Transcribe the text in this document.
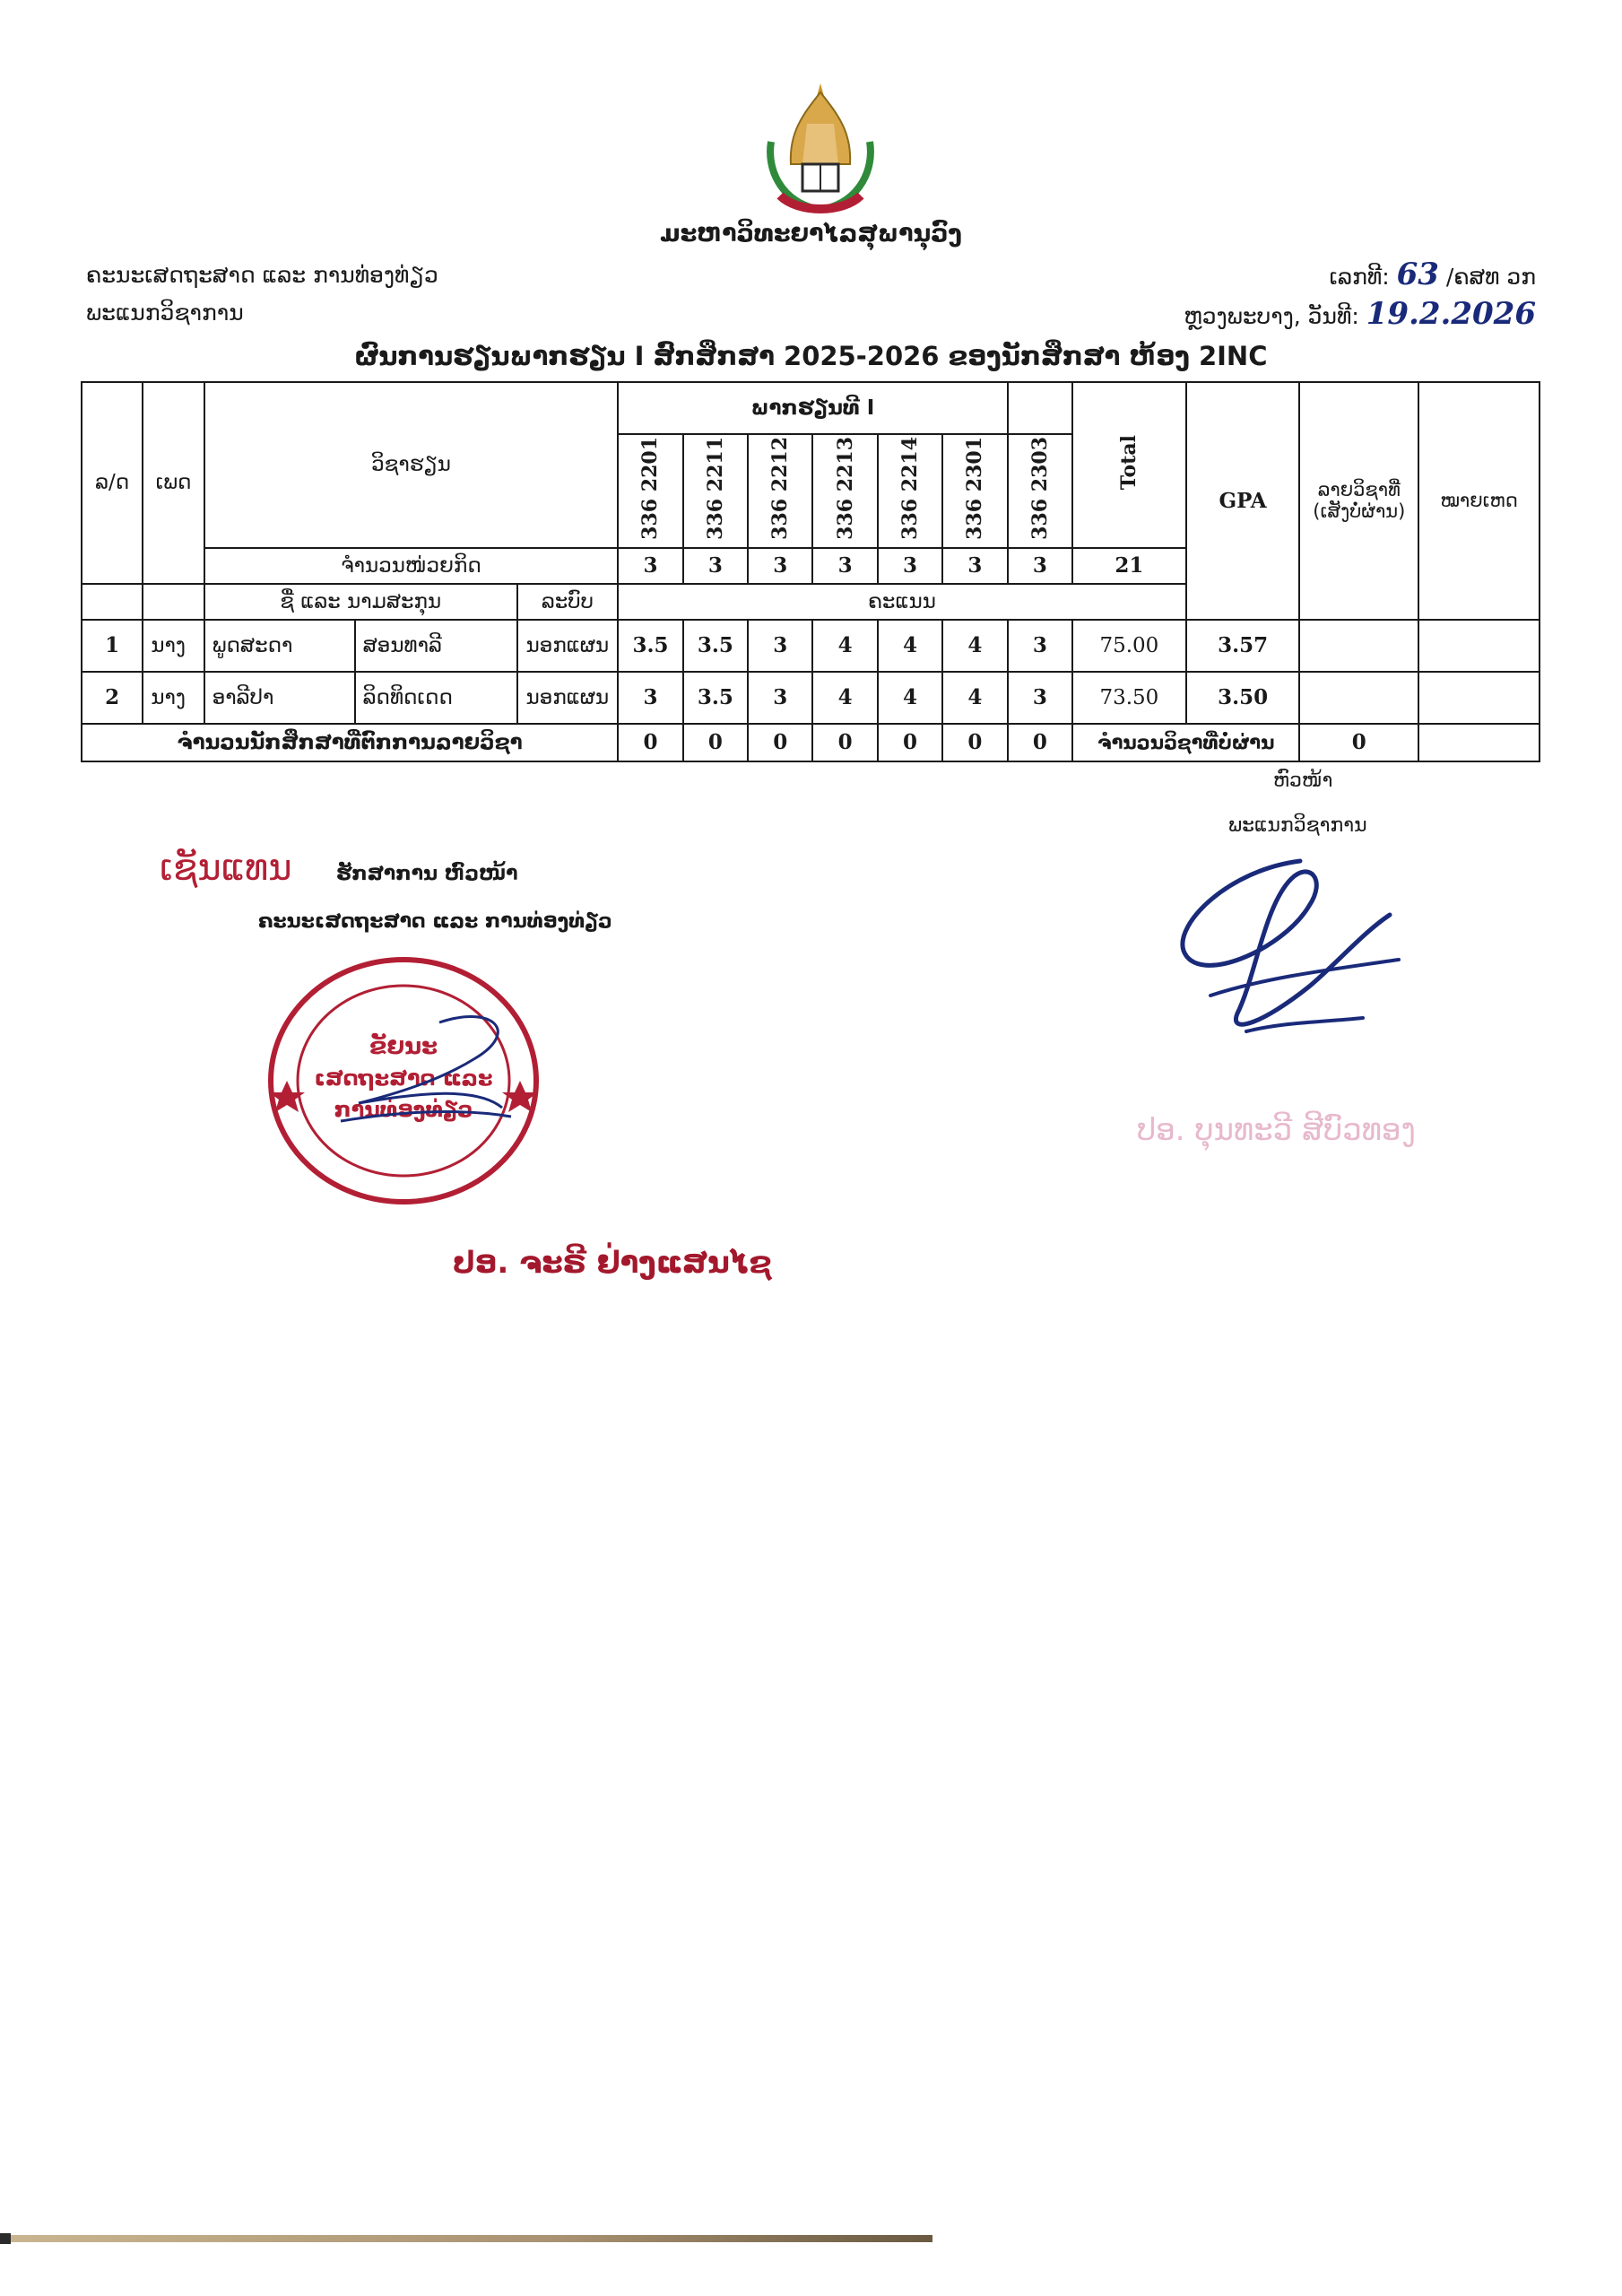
ມະຫາວິທະຍາໄລສຸພານຸວົງ
ຄະນະເສດຖະສາດ ແລະ ການທ່ອງທ່ຽວ
ພະແນກວິຊາການ
ເລກທີ: 63 /ຄສທ ວກ
ຫຼວງພະບາງ, ວັນທີ: 19.2.2026
ຜົນການຮຽນພາກຮຽນ I ສົກສຶກສາ 2025-2026 ຂອງນັກສຶກສາ ຫ້ອງ 2INC
ລ/ດ	ເພດ	ວິຊາຮຽນ			ພາກຮຽນທີ I							Total	GPA	ລາຍວິຊາທີ່ (ເສັງບໍ່ຜ່ານ)	ໝາຍເຫດ
					336 2201	336 2211	336 2212	336 2213	336 2214	336 2301	336 2303				
		ຈຳນວນໜ່ວຍກິດ			3	3	3	3	3	3	3	21			
		ຊື່ ແລະ ນາມສະກຸນ		ລະບົບ	ຄະແນນ										
1	ນາງ	ພູດສະດາ	ສອນທາລີ	ນອກແຜນ	3.5	3.5	3	4	4	4	3	75.00	3.57		
2	ນາງ	ອາລີປາ	ລິດທິດເດດ	ນອກແຜນ	3	3.5	3	4	4	4	3	73.50	3.50		
ຈຳນວນນັກສຶກສາທີ່ຕົກການລາຍວິຊາ					0	0	0	0	0	0	0	ຈຳນວນວິຊາທີ່ບໍ່ຜ່ານ		0	
ເຊັນແທນ ຮັກສາການ ຫົວໜ້າ
ຄະນະເສດຖະສາດ ແລະ ການທ່ອງທ່ຽວ
ຂັຍນະ
ເສດຖະສາດ ແລະ
ການທ່ອງທ່ຽວ
ປອ. ຈະຣີ ຢ່າງແສນໄຊ
ຫົວໜ້າ
ພະແນກວິຊາການ
ປອ. ບຸນທະວີ ສີບົວທອງ
